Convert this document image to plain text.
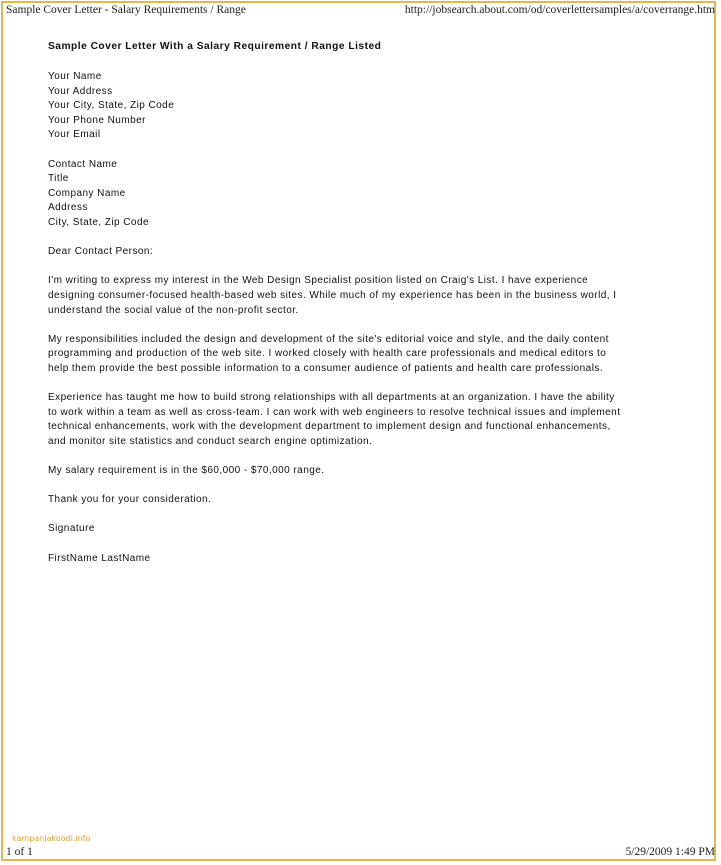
Sample Cover Letter - Salary Requirements / Range	http://jobsearch.about.com/od/coverlettersamples/a/coverrange.htm
Sample Cover Letter With a Salary Requirement / Range Listed
Your Name
Your Address
Your City, State, Zip Code
Your Phone Number
Your Email
Contact Name
Title
Company Name
Address
City, State, Zip Code
Dear Contact Person:
I'm writing to express my interest in the Web Design Specialist position listed on Craig's List. I have experience
designing consumer-focused health-based web sites. While much of my experience has been in the business world, I
understand the social value of the non-profit sector.
My responsibilities included the design and development of the site's editorial voice and style, and the daily content
programming and production of the web site. I worked closely with health care professionals and medical editors to
help them provide the best possible information to a consumer audience of patients and health care professionals.
Experience has taught me how to build strong relationships with all departments at an organization. I have the ability
to work within a team as well as cross-team. I can work with web engineers to resolve technical issues and implement
technical enhancements, work with the development department to implement design and functional enhancements,
and monitor site statistics and conduct search engine optimization.
My salary requirement is in the $60,000 - $70,000 range.
Thank you for your consideration.
Signature
FirstName LastName
kampanjakoodi.info
1 of 1	5/29/2009 1:49 PM
